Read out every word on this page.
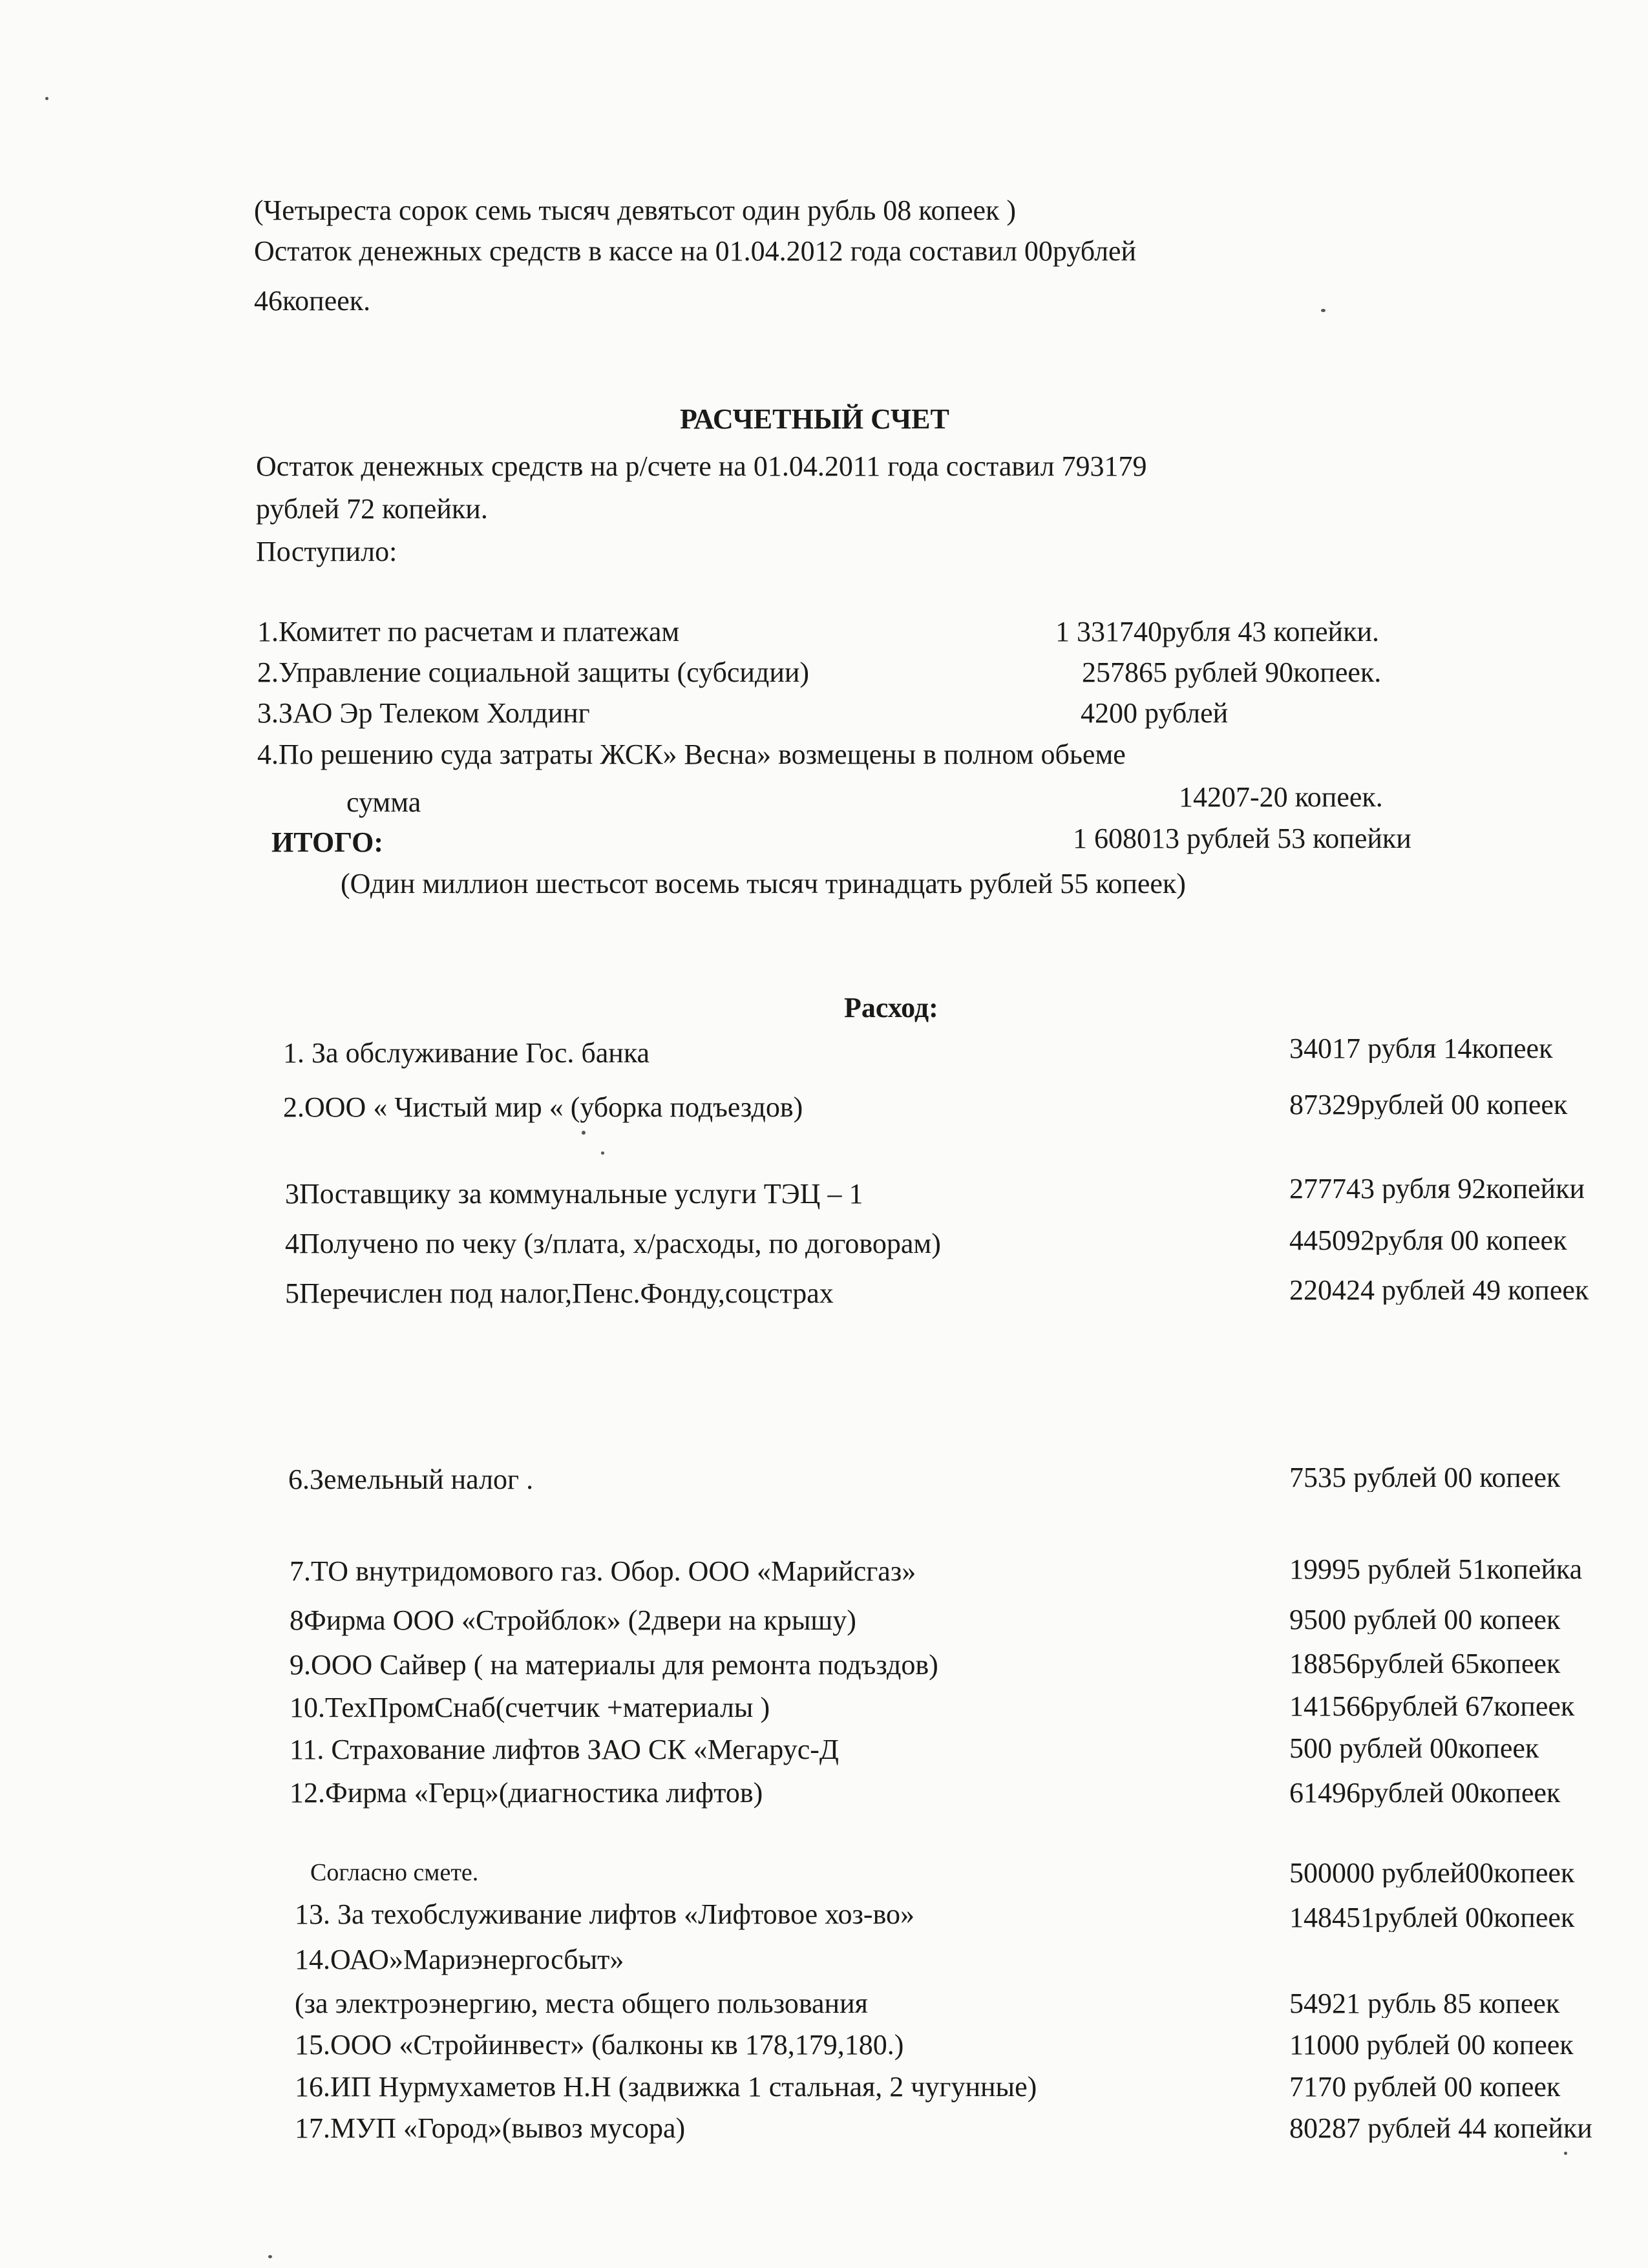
(Четыреста сорок семь тысяч девятьсот один рубль 08 копеек )
Остаток денежных средств в кассе на 01.04.2012 года составил 00рублей
46копеек.
РАСЧЕТНЫЙ СЧЕТ
Остаток денежных средств на р/счете на 01.04.2011 года составил 793179
рублей 72 копейки.
Поступило:
1.Комитет по расчетам и платежам	1 331740рубля 43 копейки.
2.Управление социальной защиты (субсидии)	257865 рублей 90копеек.
3.ЗАО Эр Телеком Холдинг	4200 рублей
4.По решению суда затраты ЖСК» Весна» возмещены в полном обьеме
сумма	14207-20 копеек.
ИТОГО:	1 608013 рублей 53 копейки
(Один миллион шестьсот восемь тысяч тринадцать рублей 55 копеек)
Расход:
1. За обслуживание Гос. банка	34017 рубля 14копеек
2.ООО « Чистый мир « (уборка подъездов)	87329рублей 00 копеек
3Поставщику за коммунальные услуги ТЭЦ – 1	277743 рубля 92копейки
4Получено по чеку (з/плата, х/расходы, по договорам)	445092рубля 00 копеек
5Перечислен под налог,Пенс.Фонду,соцстрах	220424 рублей 49 копеек
6.Земельный налог .	7535 рублей 00 копеек
7.ТО внутридомового газ. Обор. ООО «Марийсгаз»	19995 рублей 51копейка
8Фирма ООО «Стройблок» (2двери на крышу)	9500 рублей 00 копеек
9.ООО Сайвер ( на материалы для ремонта подъздов)	18856рублей 65копеек
10.ТехПромСнаб(счетчик +материалы )	141566рублей 67копеек
11. Страхование лифтов ЗАО СК «Мегарус-Д	500 рублей 00копеек
12.Фирма «Герц»(диагностика лифтов)	61496рублей 00копеек
Согласно смете.	500000 рублей00копеек
13. За техобслуживание лифтов «Лифтовое хоз-во»	148451рублей 00копеек
14.ОАО»Мариэнергосбыт»
(за электроэнергию, места общего пользования	54921 рубль 85 копеек
15.ООО «Стройинвест» (балконы кв 178,179,180.)	11000 рублей 00 копеек
16.ИП Нурмухаметов Н.Н (задвижка 1 стальная, 2 чугунные)	7170 рублей 00 копеек
17.МУП «Город»(вывоз мусора)	80287 рублей 44 копейки
